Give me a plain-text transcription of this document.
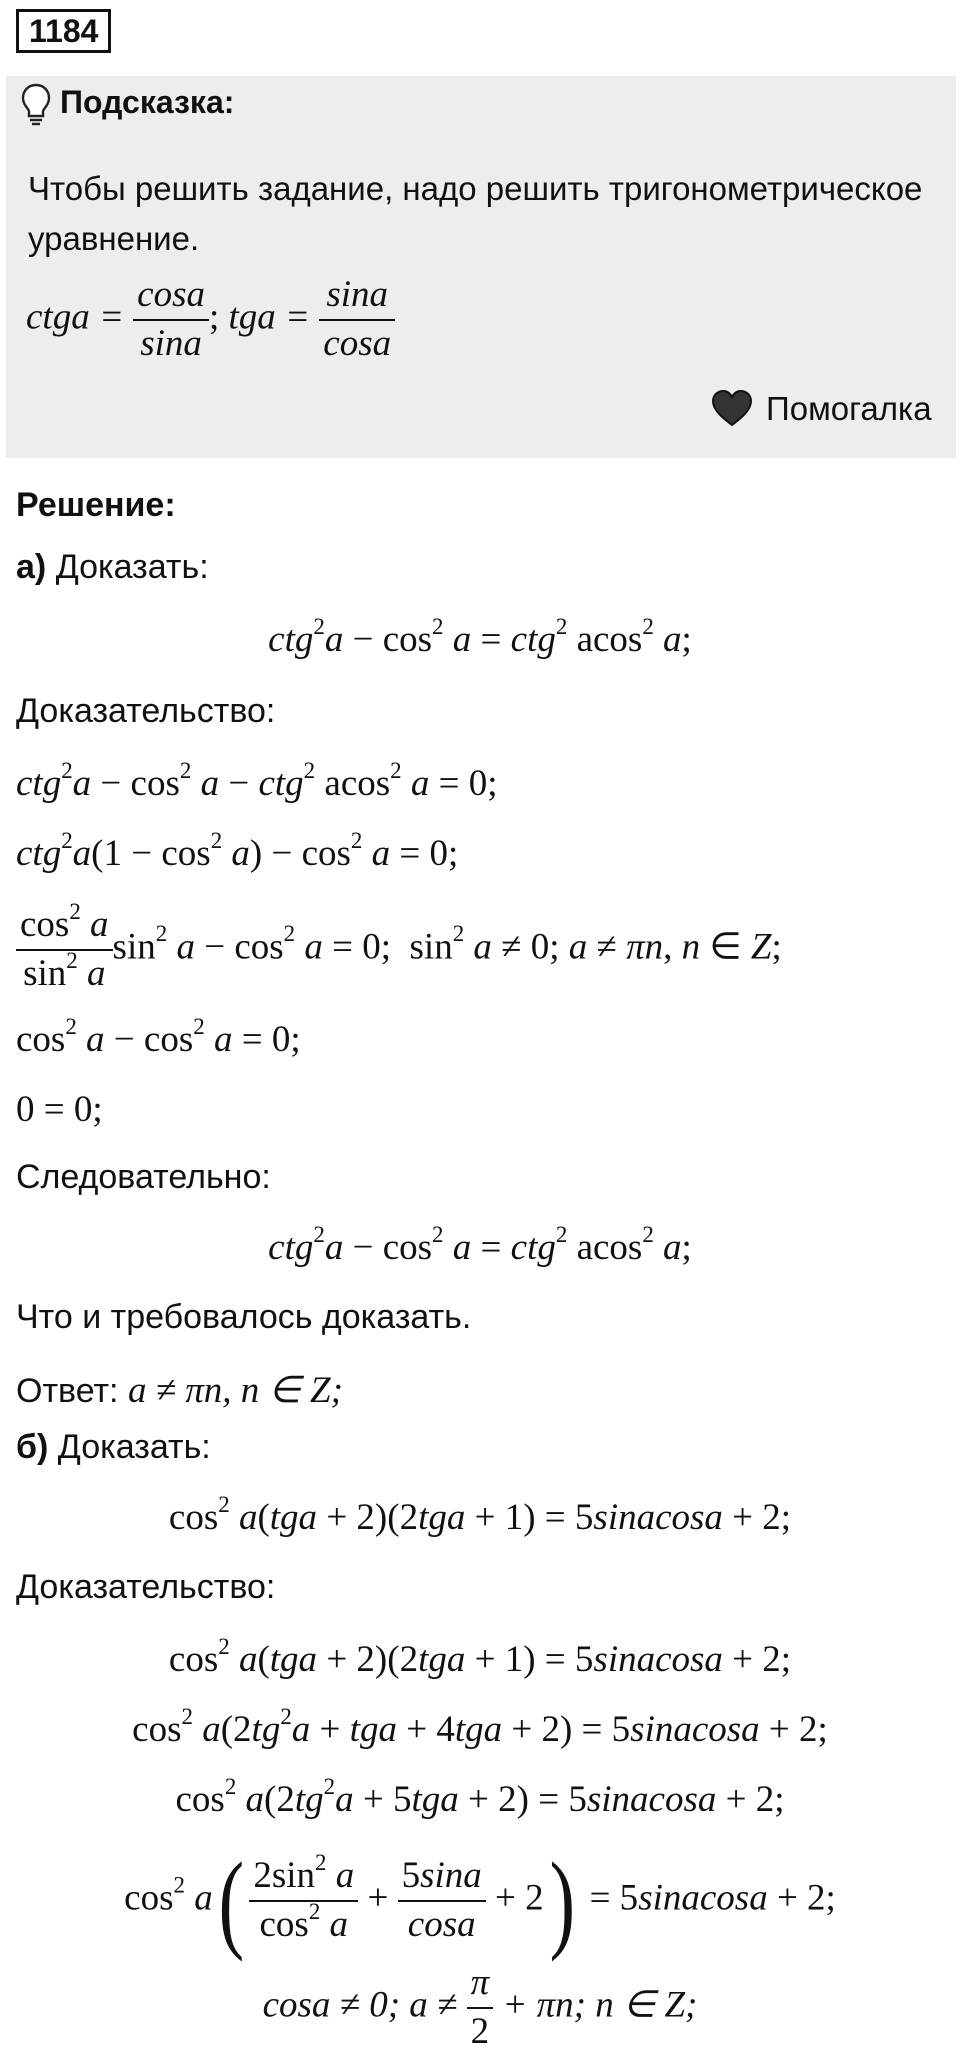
1184
Подсказка:
Чтобы решить задание, надо решить тригонометрическое уравнение.
ctga = $\frac{\cos a}{\sin a}$ ; tga = $\frac{\sin a}{\cos a}$
Помогалка
Решение:
а) Доказать:
$ctg^2a - \cos^2 a = ctg^2$ acos$^2$ a;
Доказательство:
$ctg^2a - \cos^2 a - ctg^2$ acos$^2$ a = 0;
$ctg^2a(1 - \cos^2 a) - \cos^2 a = 0$;
$\frac{\cos^2 a}{\sin^2 a} \sin^2 a - \cos^2 a = 0$;  $\sin^2 a \ne 0$; a ≠ πn, n ∈ Z;
$\cos^2 a - \cos^2 a = 0$;
0 = 0;
Следовательно:
$ctg^2a - \cos^2 a = ctg^2$ acos$^2$ a;
Что и требовалось доказать.
Ответ: a ≠ πn, n ∈ Z;
б) Доказать:
$\cos^2 a(tga + 2)(2tga + 1)$ = 5sinacosa + 2;
Доказательство:
$\cos^2 a(tga + 2)(2tga + 1)$ = 5sinacosa + 2;
$\cos^2 a(2tg^2a$ + tga + 4tga + 2) = 5sinacosa + 2;
$\cos^2 a(2tg^2a + 5tga + 2)$ = 5sinacosa + 2;
$\cos^2 a( \frac{2\sin^2 a}{\cos^2 a} + \frac{5\sin a}{\cos a} + 2)$ = 5sinacosa + 2;
cosa ≠ 0; $a \ne \frac{\pi}{2} + \pi n$; n ∈ Z;
